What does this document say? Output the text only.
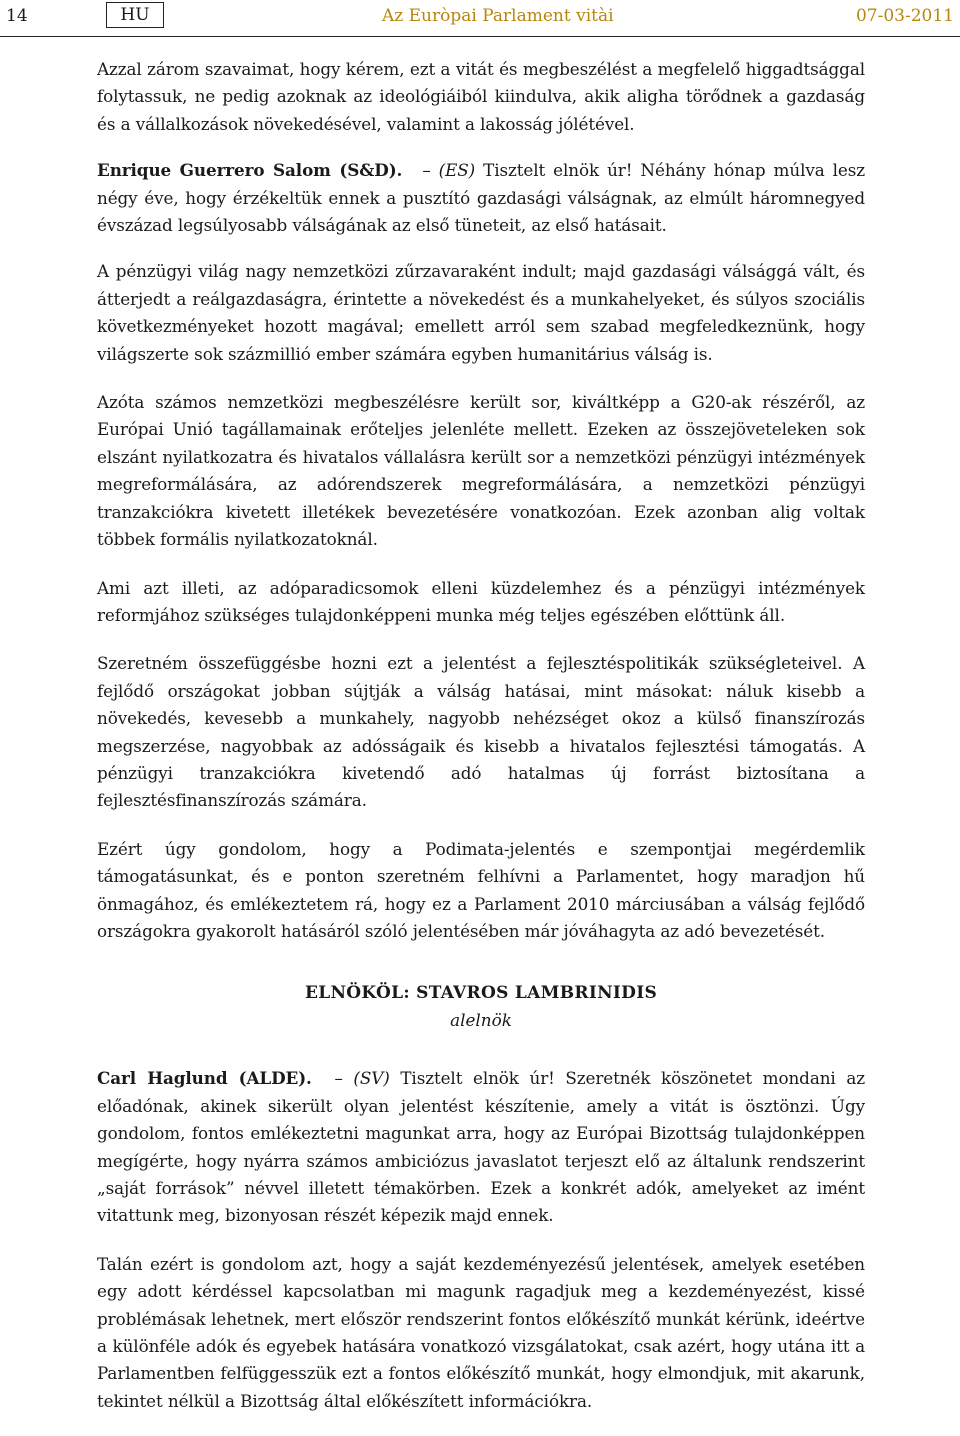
14	HU	Az Euròpai Parlament vitài	07-03-2011

Azzal zárom szavaimat, hogy kérem, ezt a vitát és megbeszélést a megfelelő higgadtsággal folytassuk, ne pedig azoknak az ideológiáiból kiindulva, akik aligha törődnek a gazdaság és a vállalkozások növekedésével, valamint a lakosság jólétével.

Enrique Guerrero Salom (S&D). – (ES) Tisztelt elnök úr! Néhány hónap múlva lesz négy éve, hogy érzékeltük ennek a pusztító gazdasági válságnak, az elmúlt háromnegyed évszázad legsúlyosabb válságának az első tüneteit, az első hatásait.

A pénzügyi világ nagy nemzetközi zűrzavaraként indult; majd gazdasági válsággá vált, és átterjedt a reálgazdaságra, érintette a növekedést és a munkahelyeket, és súlyos szociális következményeket hozott magával; emellett arról sem szabad megfeledkeznünk, hogy világszerte sok százmillió ember számára egyben humanitárius válság is.

Azóta számos nemzetközi megbeszélésre került sor, kiváltképp a G20-ak részéről, az Európai Unió tagállamainak erőteljes jelenléte mellett. Ezeken az összejöveteleken sok elszánt nyilatkozatra és hivatalos vállalásra került sor a nemzetközi pénzügyi intézmények megreformálására, az adórendszerek megreformálására, a nemzetközi pénzügyi tranzakciókra kivetett illetékek bevezetésére vonatkozóan. Ezek azonban alig voltak többek formális nyilatkozatoknál.

Ami azt illeti, az adóparadicsomok elleni küzdelemhez és a pénzügyi intézmények reformjához szükséges tulajdonképpeni munka még teljes egészében előttünk áll.

Szeretném összefüggésbe hozni ezt a jelentést a fejlesztéspolitikák szükségleteivel. A fejlődő országokat jobban sújtják a válság hatásai, mint másokat: náluk kisebb a növekedés, kevesebb a munkahely, nagyobb nehézséget okoz a külső finanszírozás megszerzése, nagyobbak az adósságaik és kisebb a hivatalos fejlesztési támogatás. A pénzügyi tranzakciókra kivetendő adó hatalmas új forrást biztosítana a fejlesztésfinanszírozás számára.

Ezért úgy gondolom, hogy a Podimata-jelentés e szempontjai megérdemlik támogatásunkat, és e ponton szeretném felhívni a Parlamentet, hogy maradjon hű önmagához, és emlékeztetem rá, hogy ez a Parlament 2010 márciusában a válság fejlődő országokra gyakorolt hatásáról szóló jelentésében már jóváhagyta az adó bevezetését.

ELNÖKÖL: STAVROS LAMBRINIDIS
alelnök

Carl Haglund (ALDE). – (SV) Tisztelt elnök úr! Szeretnék köszönetet mondani az előadónak, akinek sikerült olyan jelentést készítenie, amely a vitát is ösztönzi. Úgy gondolom, fontos emlékeztetni magunkat arra, hogy az Európai Bizottság tulajdonképpen megígérte, hogy nyárra számos ambiciózus javaslatot terjeszt elő az általunk rendszerint „saját források” névvel illetett témakörben. Ezek a konkrét adók, amelyeket az imént vitattunk meg, bizonyosan részét képezik majd ennek.

Talán ezért is gondolom azt, hogy a saját kezdeményezésű jelentések, amelyek esetében egy adott kérdéssel kapcsolatban mi magunk ragadjuk meg a kezdeményezést, kissé problémásak lehetnek, mert először rendszerint fontos előkészítő munkát kérünk, ideértve a különféle adók és egyebek hatására vonatkozó vizsgálatokat, csak azért, hogy utána itt a Parlamentben felfüggesszük ezt a fontos előkészítő munkát, hogy elmondjuk, mit akarunk, tekintet nélkül a Bizottság által előkészített információkra.
